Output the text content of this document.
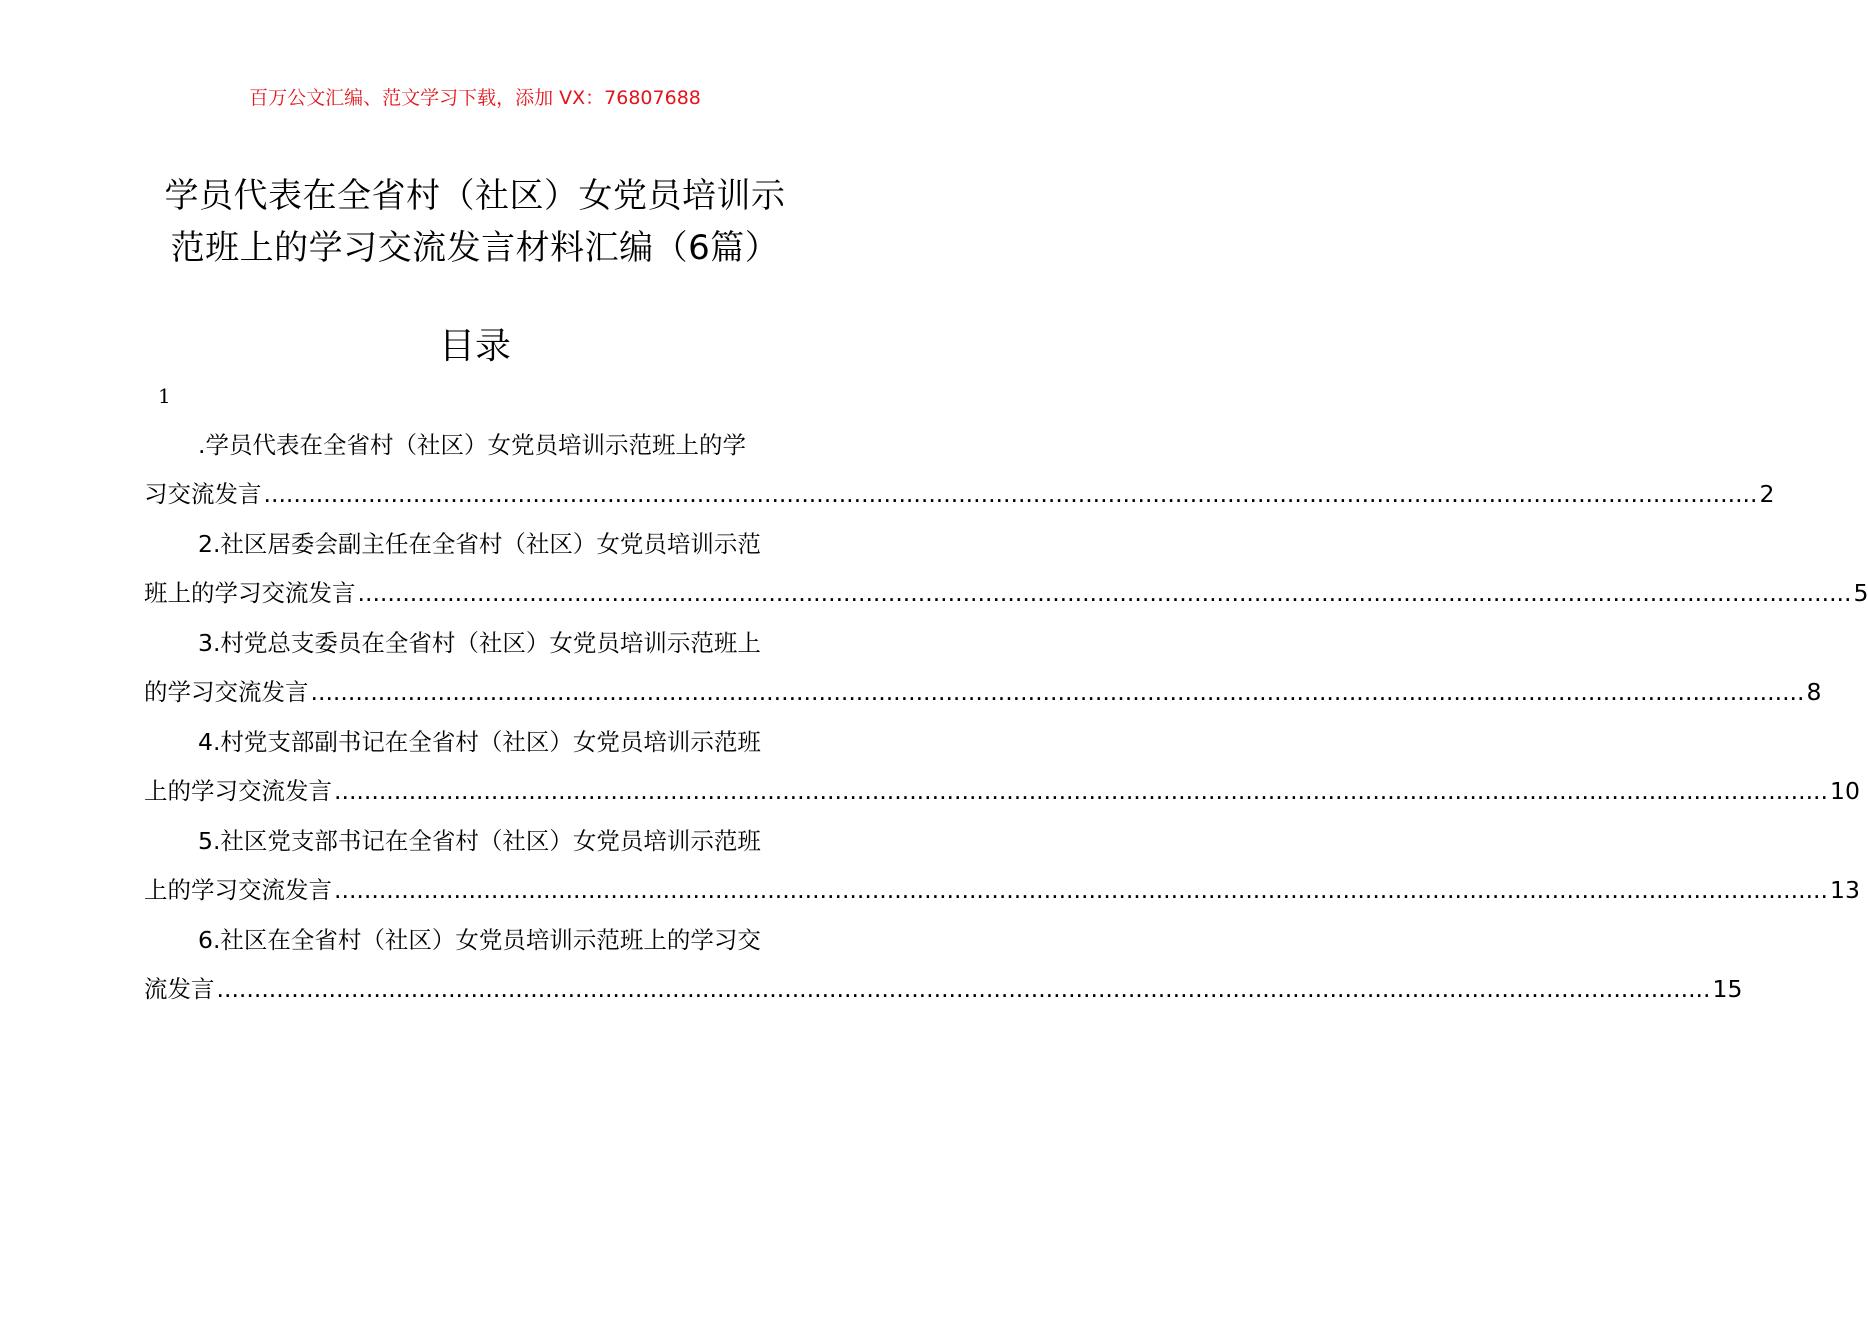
百万公文汇编、范文学习下载，添加 VX：76807688
学员代表在全省村（社区）女党员培训示
范班上的学习交流发言材料汇编（6篇）
目录
1
.学员代表在全省村（社区）女党员培训示范班上的学
习交流发言 ........................................................................................................................................................................................................ 2
2.社区居委会副主任在全省村（社区）女党员培训示范
班上的学习交流发言 ........................................................................................................................................................................................................ 5
3.村党总支委员在全省村（社区）女党员培训示范班上
的学习交流发言 ........................................................................................................................................................................................................ 8
4.村党支部副书记在全省村（社区）女党员培训示范班
上的学习交流发言 ........................................................................................................................................................................................................ 10
5.社区党支部书记在全省村（社区）女党员培训示范班
上的学习交流发言 ........................................................................................................................................................................................................ 13
6.社区在全省村（社区）女党员培训示范班上的学习交
流发言 ........................................................................................................................................................................................................ 15
